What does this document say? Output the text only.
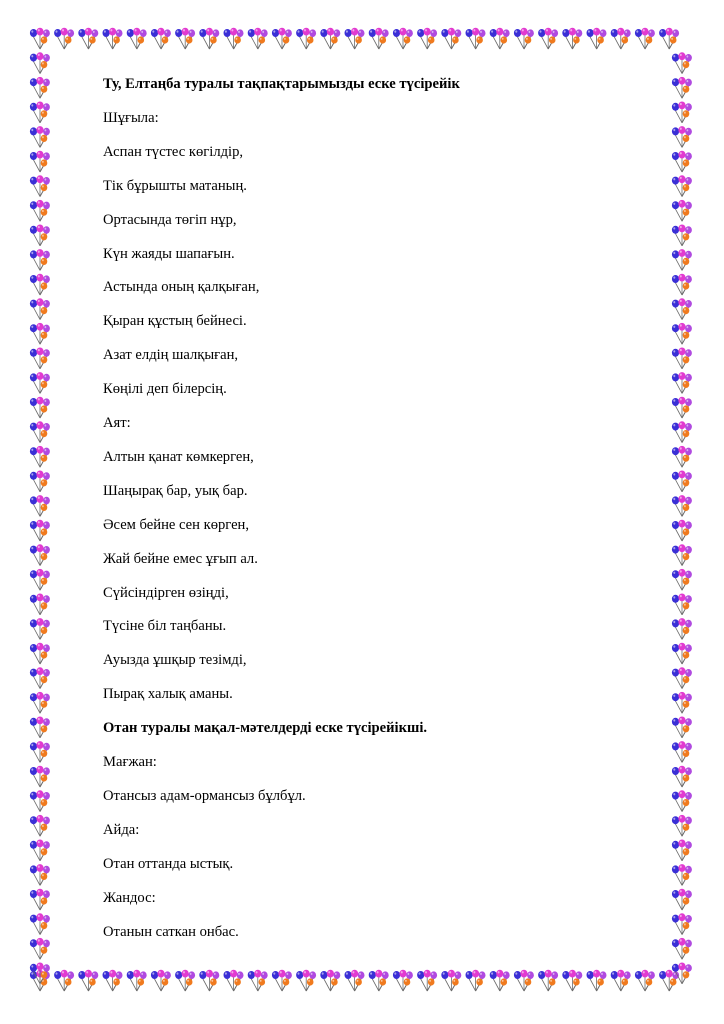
Ту, Елтаңба туралы тақпақтарымызды еске түсірейік
Шұғыла:
Аспан түстес көгілдір,
Тік бұрышты матаның.
Ортасында төгіп нұр,
Күн жаяды шапағын.
Астында оның қалқыған,
Қыран құстың бейнесі.
Азат елдің шалқыған,
Көңілі деп білерсің.
Аят:
Алтын қанат көмкерген,
Шаңырақ бар, уық бар.
Әсем бейне сен көрген,
Жай бейне емес ұғып ал.
Сүйсіндірген өзіңді,
Түсіне біл таңбаны.
Ауызда ұшқыр тезімді,
Пырақ халық аманы.
Отан туралы мақал-мәтелдерді еске түсірейікші.
Мағжан:
Отансыз адам-орман​сыз бұлбұл.
Айда:
Отан оттанда ыстық.
Жандос:
Отанын саткан онбас.
